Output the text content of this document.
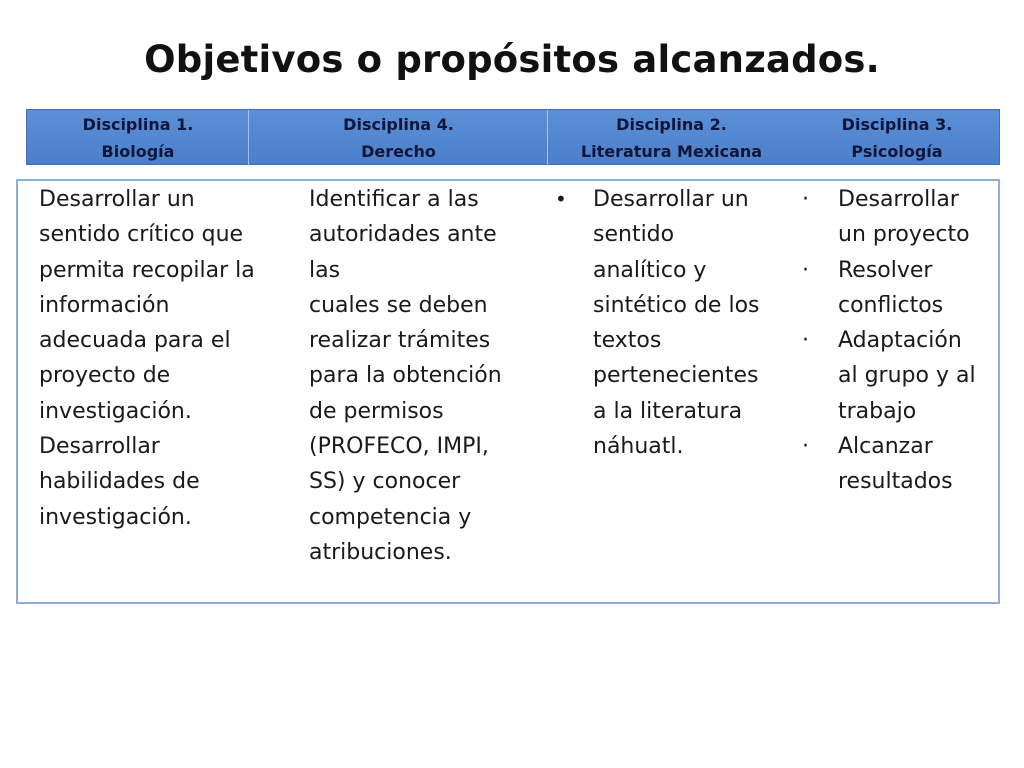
Objetivos o propósitos alcanzados.
Disciplina 1.
Biología
Disciplina 4.
Derecho
Disciplina 2.
Literatura Mexicana
Disciplina 3.
Psicología

Desarrollar un

sentido crítico que

permita recopilar la

información

adecuada para el

proyecto de

investigación.

Desarrollar

habilidades de

investigación.

Identificar a las

autoridades ante

las

cuales se deben

realizar trámites

para la obtención

de permisos

(PROFECO, IMPI,

SS) y conocer

competencia y

atribuciones.

• Desarrollar un

sentido

analítico y

sintético de los

textos

pertenecientes

a la literatura

náhuatl.

· Desarrollar

un proyecto

· Resolver

conflictos

· Adaptación

al grupo y al

trabajo

· Alcanzar

resultados
